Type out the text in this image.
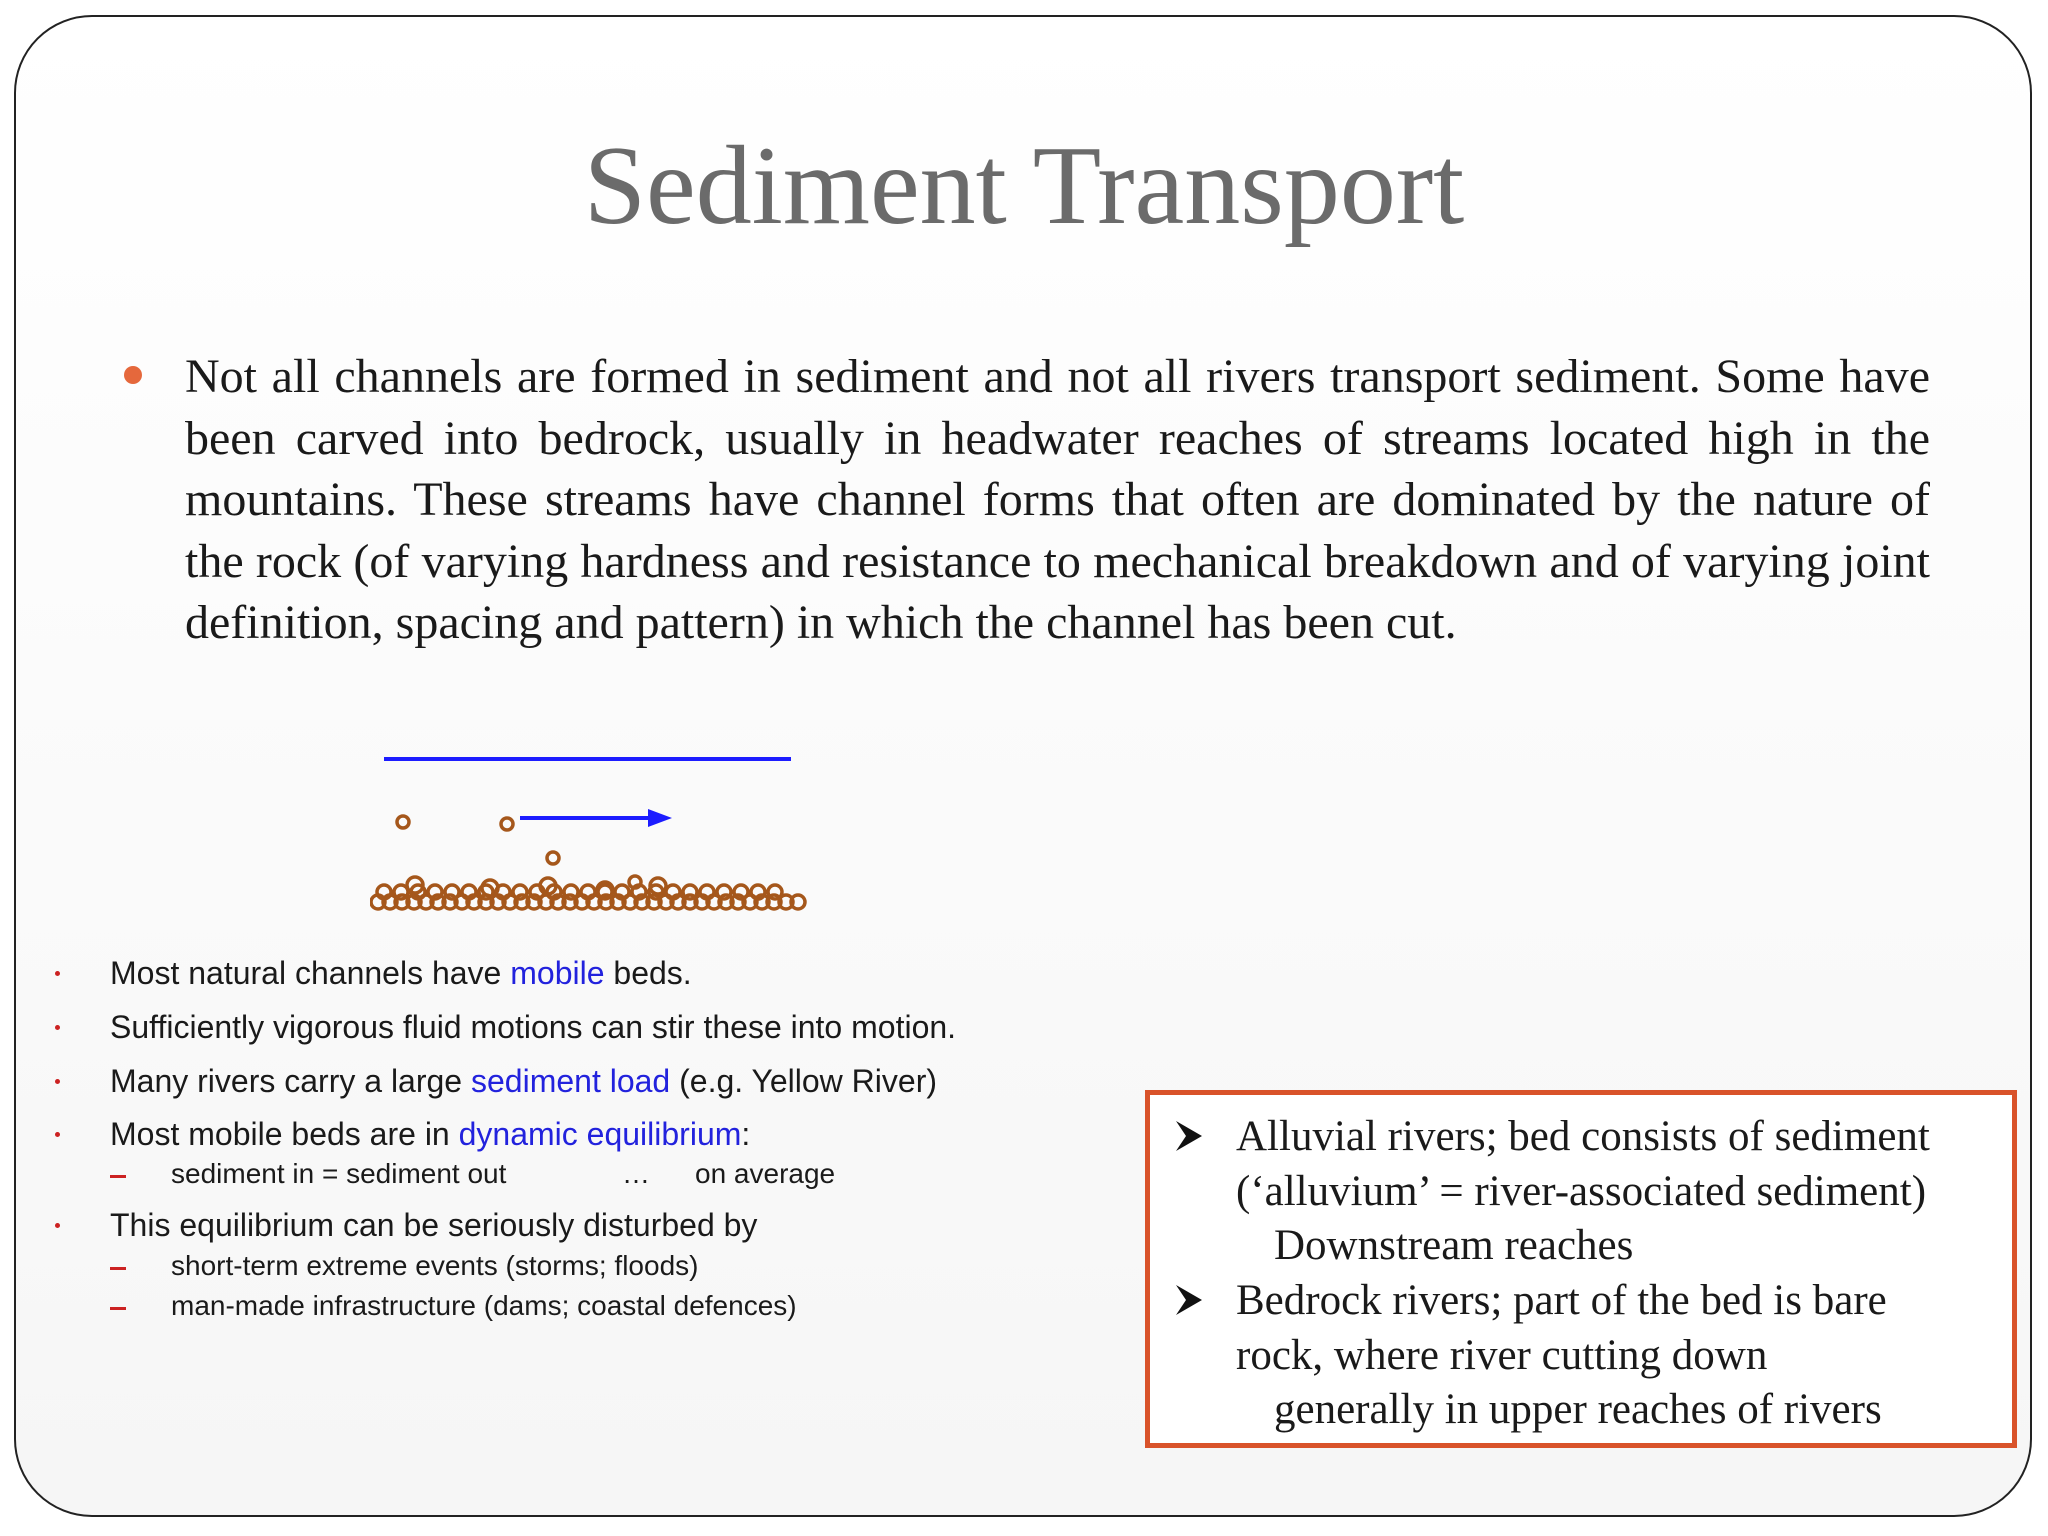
Sediment Transport

Not all channels are formed in sediment and not all rivers transport sediment. Some have been carved into bedrock, usually in headwater reaches of streams located high in the mountains. These streams have channel forms that often are dominated by the nature of the rock (of varying hardness and resistance to mechanical breakdown and of varying joint definition, spacing and pattern) in which the channel has been cut.

Most natural channels have mobile beds.
Sufficiently vigorous fluid motions can stir these into motion.
Many rivers carry a large sediment load (e.g. Yellow River)
Most mobile beds are in dynamic equilibrium:
sediment in = sediment out	… on average
This equilibrium can be seriously disturbed by
short-term extreme events (storms; floods)
man-made infrastructure (dams; coastal defences)
Alluvial rivers; bed consists of sediment
(‘alluvium’ = river-associated sediment)
Downstream reaches
Bedrock rivers; part of the bed is bare
rock, where river cutting down
generally in upper reaches of rivers
